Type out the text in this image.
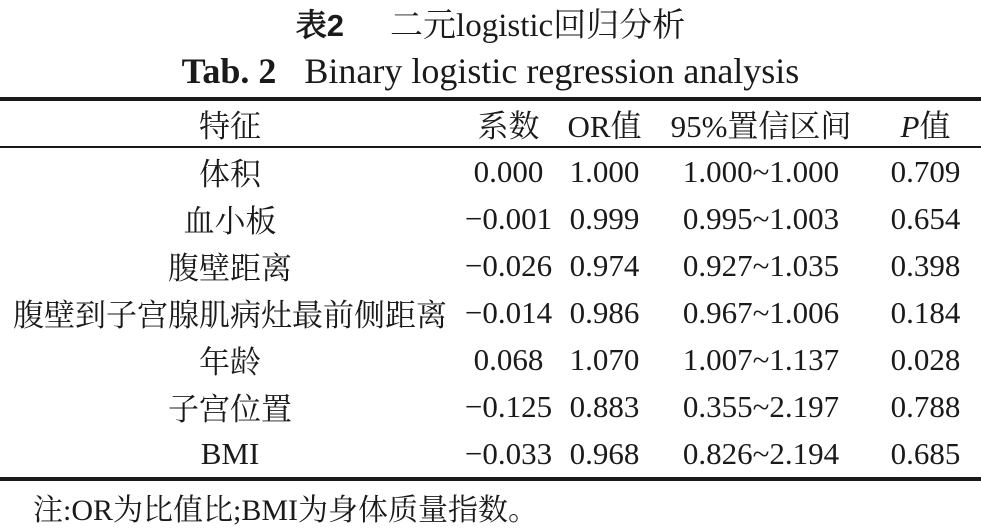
表2 二元logistic回归分析
Tab. 2 Binary logistic regression analysis
特征	系数	OR值	95%置信区间	P值
体积	0.000	1.000	1.000~1.000	0.709
血小板	−0.001	0.999	0.995~1.003	0.654
腹壁距离	−0.026	0.974	0.927~1.035	0.398
腹壁到子宫腺肌病灶最前侧距离	−0.014	0.986	0.967~1.006	0.184
年龄	0.068	1.070	1.007~1.137	0.028
子宫位置	−0.125	0.883	0.355~2.197	0.788
BMI	−0.033	0.968	0.826~2.194	0.685
注:OR为比值比;BMI为身体质量指数。
